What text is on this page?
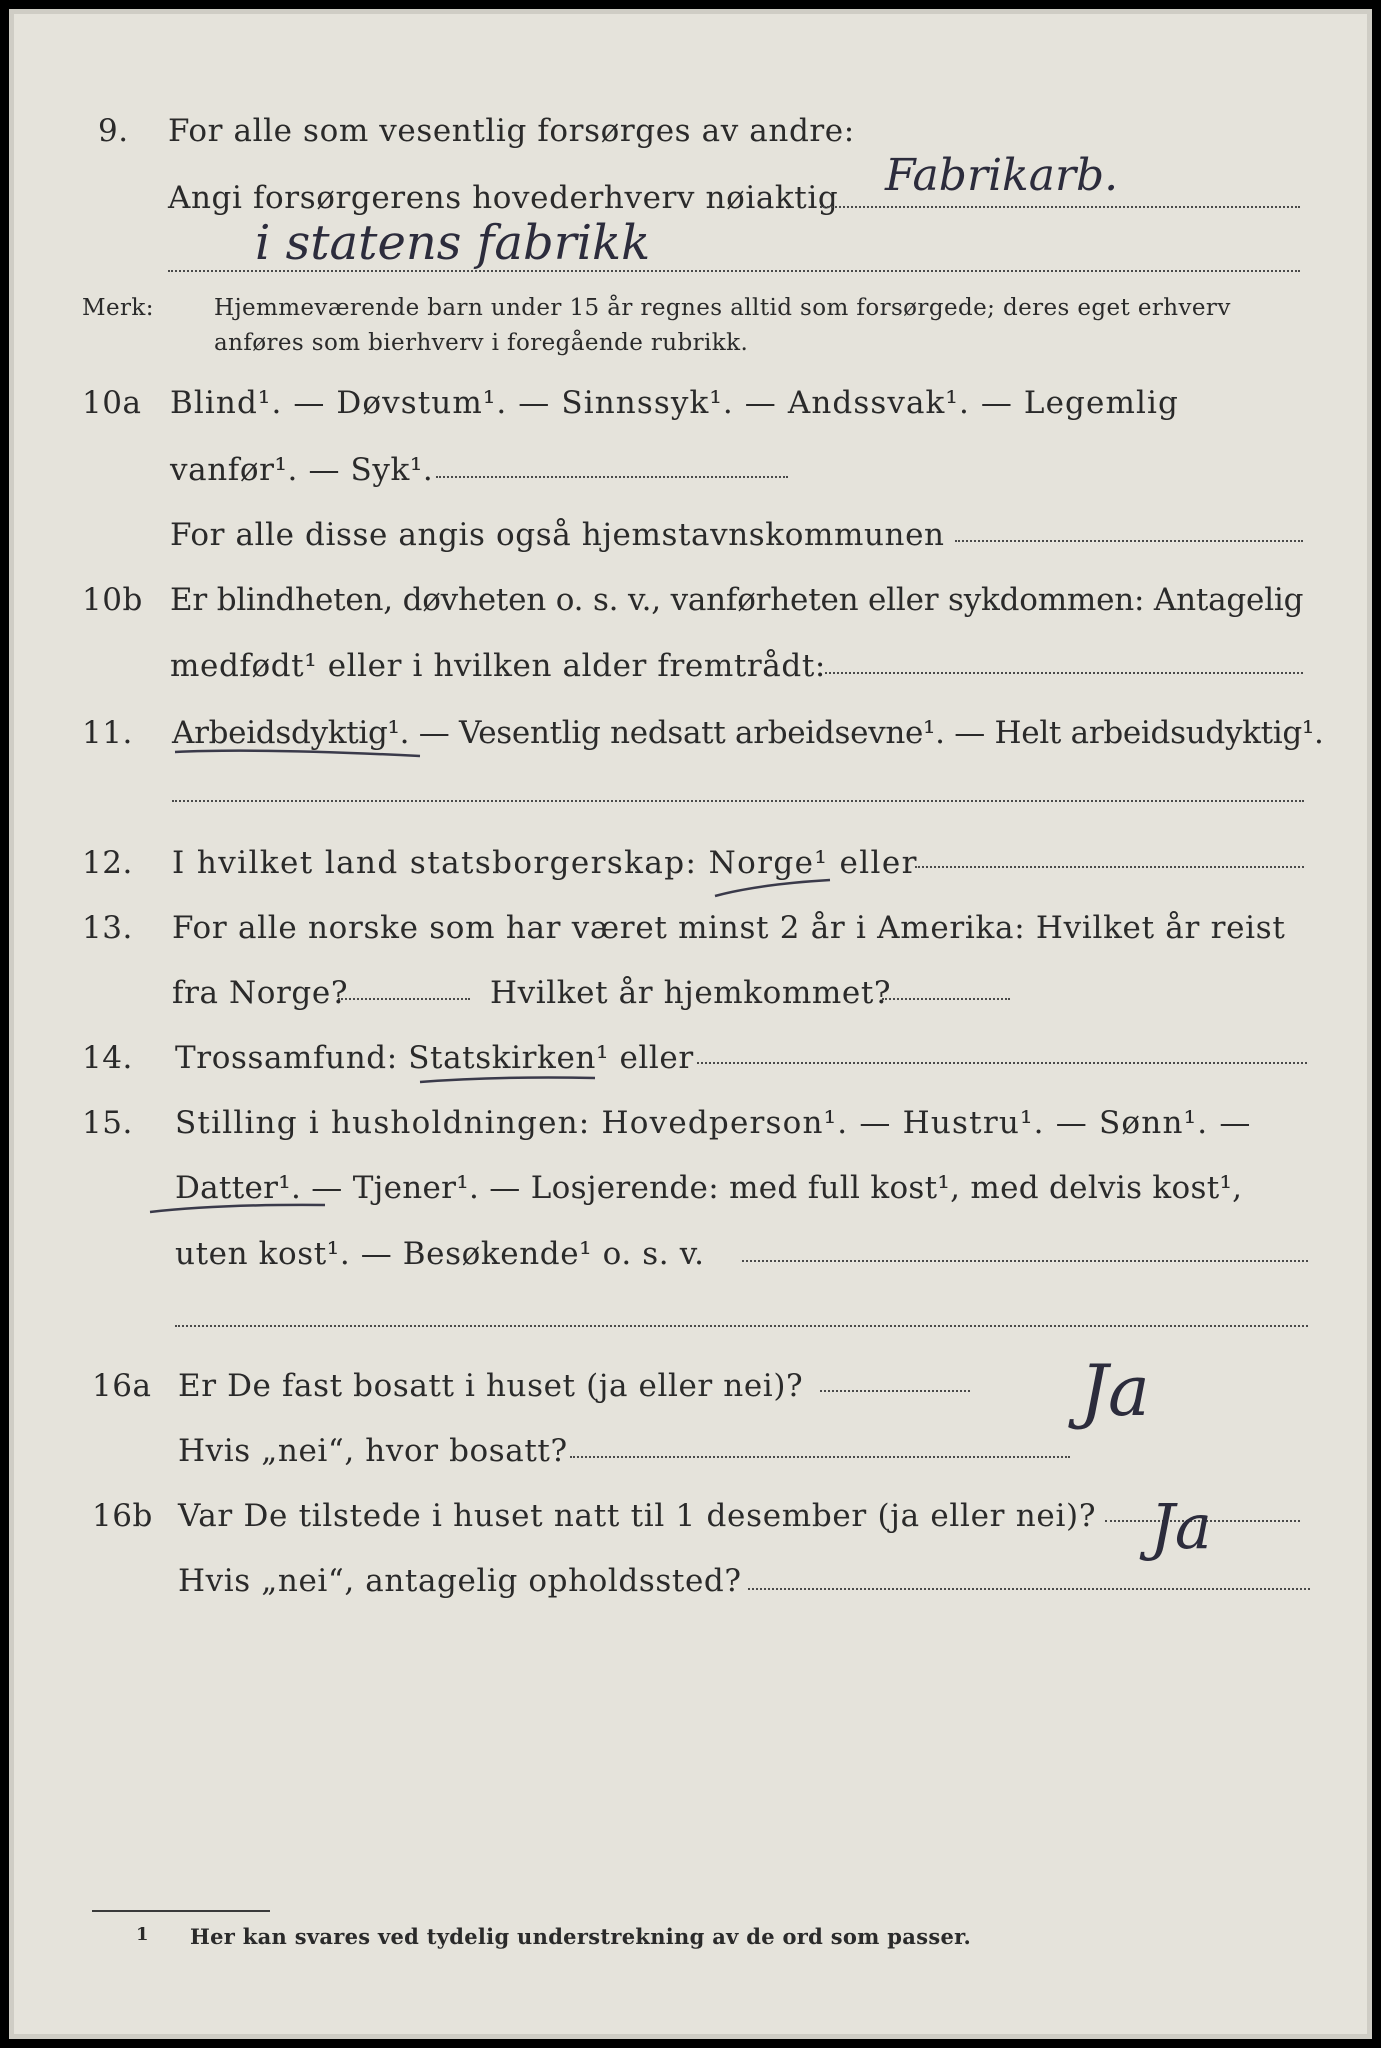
9. For alle som vesentlig forsørges av andre:
Angi forsørgerens hovederhverv nøiaktig Fabrikarb.
i statens fabrikk
Merk:	Hjemmeværende barn under 15 år regnes alltid som forsørgede; deres eget erhverv
anføres som bierhverv i foregående rubrikk.
10a Blind¹. — Døvstum¹. — Sinnssyk¹. — Andssvak¹. — Legemlig
vanfør¹. — Syk¹.
For alle disse angis også hjemstavnskommunen
10b Er blindheten, døvheten o. s. v., vanførheten eller sykdommen: Antagelig
medfødt¹ eller i hvilken alder fremtrådt:
11. Arbeidsdyktig¹. — Vesentlig nedsatt arbeidsevne¹. — Helt arbeidsudyktig¹.
12. I hvilket land statsborgerskap: Norge¹ eller
13. For alle norske som har været minst 2 år i Amerika: Hvilket år reist
fra Norge?	Hvilket år hjemkommet?
14. Trossamfund: Statskirken¹ eller
15. Stilling i husholdningen: Hovedperson¹. — Hustru¹. — Sønn¹. —
Datter¹. — Tjener¹. — Losjerende: med full kost¹, med delvis kost¹,
uten kost¹. — Besøkende¹ o. s. v.
16a Er De fast bosatt i huset (ja eller nei)?
Hvis „nei“, hvor bosatt?
Ja
16b Var De tilstede i huset natt til 1 desember (ja eller nei)?
Hvis „nei“, antagelig opholdssted?
Ja
1 Her kan svares ved tydelig understrekning av de ord som passer.
